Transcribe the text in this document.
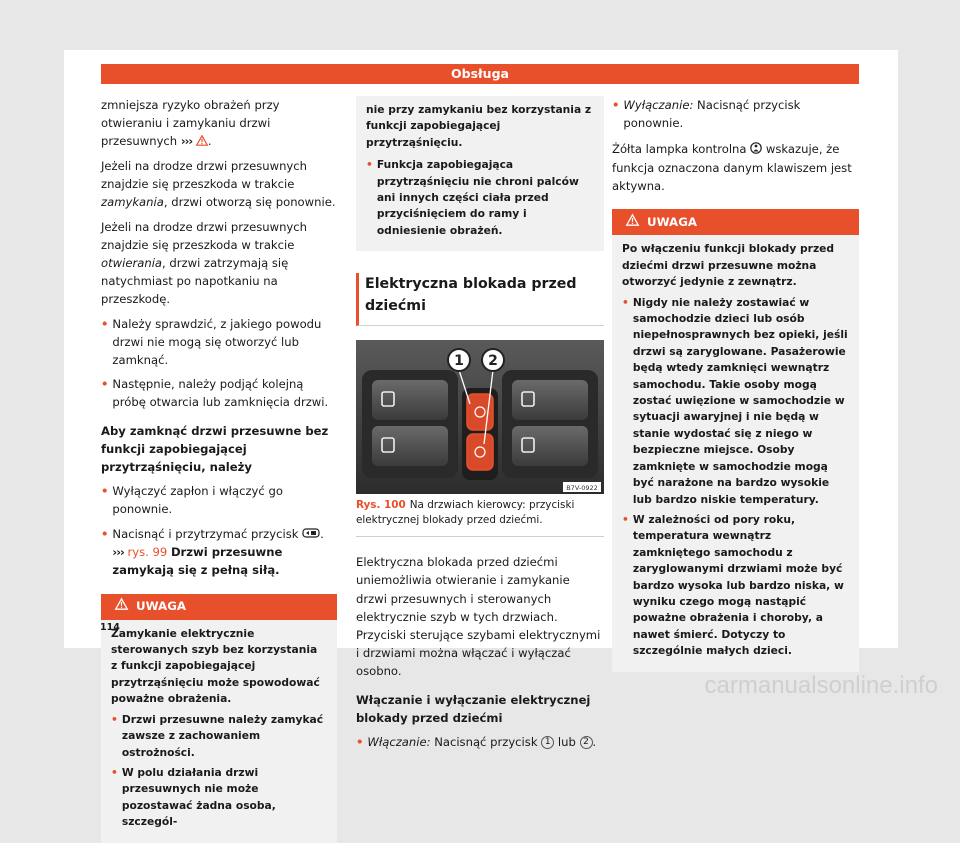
Obsługa

zmniejsza ryzyko obrażeń przy otwieraniu i zamykaniu drzwi przesuwnych ››› .

Jeżeli na drodze drzwi przesuwnych znajdzie się przeszkoda w trakcie zamykania, drzwi otworzą się ponownie.

Jeżeli na drodze drzwi przesuwnych znajdzie się przeszkoda w trakcie otwierania, drzwi zatrzymają się natychmiast po napotkaniu na przeszkodę.

• Należy sprawdzić, z jakiego powodu drzwi nie mogą się otworzyć lub zamknąć.
• Następnie, należy podjąć kolejną próbę otwarcia lub zamknięcia drzwi.

Aby zamknąć drzwi przesuwne bez funkcji zapobiegającej przytrząśnięciu, należy

• Wyłączyć zapłon i włączyć go ponownie.
• Nacisnąć i przytrzymać przycisk .
››› rys. 99 Drzwi przesuwne zamykają się z pełną siłą.
UWAGA

Zamykanie elektrycznie sterowanych szyb bez korzystania z funkcji zapobiegającej przytrząśnięciu może spowodować poważne obrażenia.

• Drzwi przesuwne należy zamykać zawsze z zachowaniem ostrożności.
• W polu działania drzwi przesuwnych nie może pozostawać żadna osoba, szczegól-

nie przy zamykaniu bez korzystania z funkcji zapobiegającej przytrząśnięciu.

• Funkcja zapobiegająca przytrząśnięciu nie chroni palców ani innych części ciała przed przyciśnięciem do ramy i odniesienie obrażeń.
Elektryczna blokada przed dziećmi
1 2
B7V-0922
Rys. 100 Na drzwiach kierowcy: przyciski elektrycznej blokady przed dziećmi.

Elektryczna blokada przed dziećmi uniemożliwia otwieranie i zamykanie drzwi przesuwnych i sterowanych elektrycznie szyb w tych drzwiach. Przyciski sterujące szybami elektrycznymi i drzwiami można włączać i wyłączać osobno.

Włączanie i wyłączanie elektrycznej blokady przed dziećmi

• Włączanie: Nacisnąć przycisk 1 lub 2 .
• Wyłączanie: Nacisnąć przycisk ponownie.

Żółta lampka kontrolna wskazuje, że funkcja oznaczona danym klawiszem jest aktywna.

UWAGA

Po włączeniu funkcji blokady przed dziećmi drzwi przesuwne można otworzyć jedynie z zewnątrz.

• Nigdy nie należy zostawiać w samochodzie dzieci lub osób niepełnosprawnych bez opieki, jeśli drzwi są zaryglowane. Pasażerowie będą wtedy zamknięci wewnątrz samochodu. Takie osoby mogą zostać uwięzione w samochodzie w sytuacji awaryjnej i nie będą w stanie wydostać się z niego w bezpieczne miejsce. Osoby zamknięte w samochodzie mogą być narażone na bardzo wysokie lub bardzo niskie temperatury.
• W zależności od pory roku, temperatura wewnątrz zamkniętego samochodu z zaryglowanymi drzwiami może być bardzo wysoka lub bardzo niska, w wyniku czego mogą nastąpić poważne obrażenia i choroby, a nawet śmierć. Dotyczy to szczególnie małych dzieci.
114
carmanualsonline.info
